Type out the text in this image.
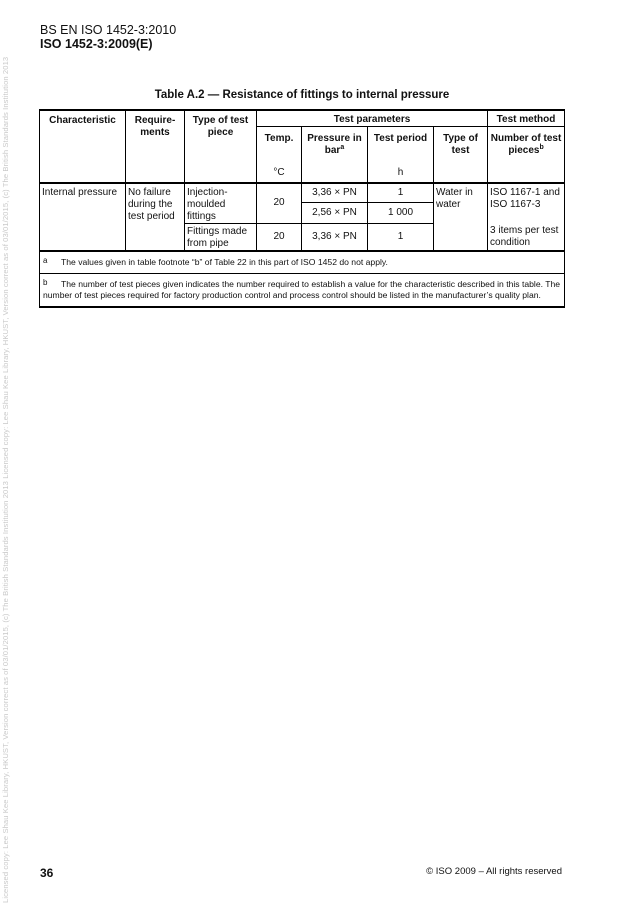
Licensed copy: Lee Shau Kee Library, HKUST, Version correct as of 03/01/2015, (c) The British Standards Institution 2013 Licensed copy: Lee Shau Kee Library, HKUST, Version correct as of 03/01/2015, (c) The British Standards Institution 2013
BS EN ISO 1452-3:2010
ISO 1452-3:2009(E)
Table A.2 — Resistance of fittings to internal pressure
Characteristic	Require-ments	Type of test piece	Test parameters				Test method
			Temp.	Pressure in bar$^a$	Test period	Type of test	Number of test pieces$^b$
			°C		h		
Internal pressure	No failure during the test period	Injection-moulded fittings	20	3,36 × PN	1	Water in water	ISO 1167-1 and ISO 1167-3
				2,56 × PN	1 000		
		Fittings made from pipe	20	3,36 × PN	1		3 items per test condition
a The values given in table footnote “b” of Table 22 in this part of ISO 1452 do not apply.							
b The number of test pieces given indicates the number required to establish a value for the characteristic described in this table. The number of test pieces required for factory production control and process control should be listed in the manufacturer’s quality plan.							
36	© ISO 2009 – All rights reserved
